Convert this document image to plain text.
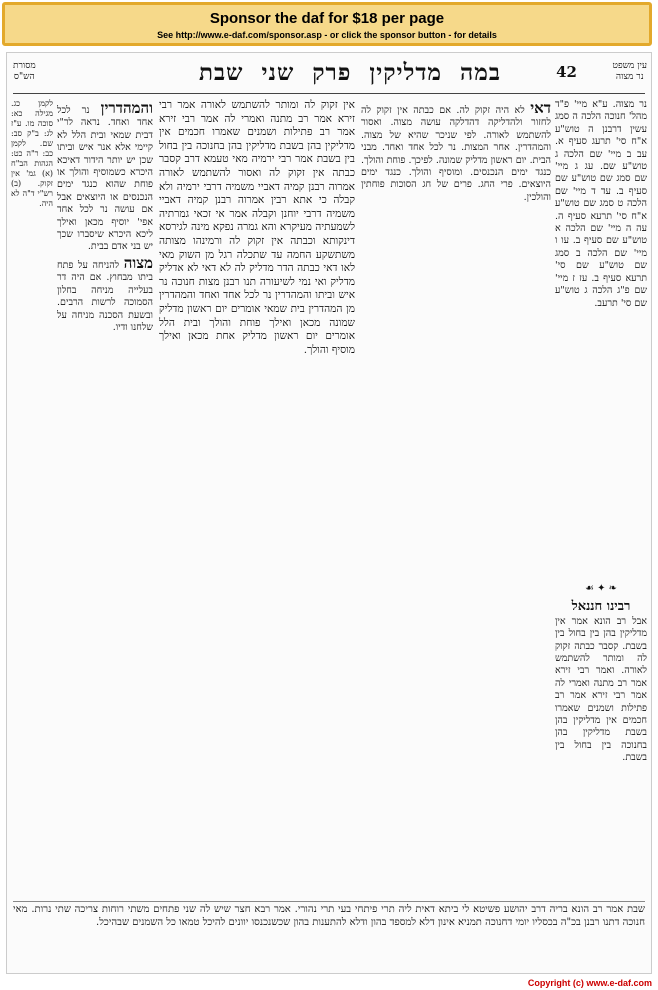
Sponsor the daf for $18 per page
See http://www.e-daf.com/sponsor.asp - or click the sponsor button - for details
מסורת
הש"ס	במהמדליקיןפרקשנישבת	42	עין משפט
נר מצוה
נר מצוה. ע"א מיי' פ"ד מהל' חנוכה הלכה ה סמג עשין דרבנן ה טוש"ע א"ח סי' תרעג סעיף א. עב ב מיי' שם הלכה ג טוש"ע שם. עג ג מיי' שם סמג שם טוש"ע שם סעיף ב. עד ד מיי' שם הלכה ט סמג שם טוש"ע א"ח סי' תרעא סעיף ה. עה ה מיי' שם הלכה א טוש"ע שם סעיף ב. עו ו מיי' שם הלכה ב סמג שם טוש"ע שם סי' תרעא סעיף ב. עז ז מיי' שם פ"ג הלכה ג טוש"ע שם סי' תרעב.
❧ ✦ ☙
רבינו חננאל
אבל רב הונא אמר אין מדליקין בהן בין בחול בין בשבת. קסבר כבתה זקוק לה ומותר להשתמש לאורה. ואמר רבי זירא אמר רב מתנה ואמרי לה אמר רבי זירא אמר רב פתילות ושמנים שאמרו חכמים אין מדליקין בהן בשבת מדליקין בהן בחנוכה בין בחול בין בשבת.
דאי לא היה זקוק לה. אם כבתה אין זקוק לה לחזור ולהדליקה דהדלקה עושה מצוה. ואסור להשתמש לאורה. לפי שניכר שהיא של מצוה. והמהדרין. אחר המצות. נר לכל אחד ואחד. מבני הבית. יום ראשון מדליק שמונה. לפיכך. פוחת והולך. כנגד ימים הנכנסים. ומוסיף והולך. כנגד ימים היוצאים. פרי החג. פרים של חג הסוכות פוחתין והולכין.
אין זקוק לה ומותר להשתמש לאורה אמר רבי זירא אמר רב מתנה ואמרי לה אמר רבי זירא אמר רב פתילות ושמנים שאמרו חכמים אין מדליקין בהן בשבת מדליקין בהן בחנוכה בין בחול בין בשבת אמר רבי ירמיה מאי טעמא דרב קסבר כבתה אין זקוק לה ואסור להשתמש לאורה אמרוה רבנן קמיה דאביי משמיה דרבי ירמיה ולא קבלה כי אתא רבין אמרוה רבנן קמיה דאביי משמיה דרבי יוחנן וקבלה אמר אי זכאי גמרתיה לשמעתיה מעיקרא והא גמרה נפקא מינה לגירסא דינקותא וכבתה אין זקוק לה ורמינהו מצותה משתשקע החמה עד שתכלה רגל מן השוק מאי לאו דאי כבתה הדר מדליק לה לא דאי לא אדליק מדליק ואי נמי לשיעורה תנו רבנן מצות חנוכה נר איש וביתו והמהדרין נר לכל אחד ואחד והמהדרין מן המהדרין בית שמאי אומרים יום ראשון מדליק שמונה מכאן ואילך פוחת והולך ובית הלל אומרים יום ראשון מדליק אחת מכאן ואילך מוסיף והולך.
והמהדרין נר לכל אחד ואחד. נראה לר"י דבית שמאי ובית הלל לא קיימי אלא אנר איש וביתו שכן יש יותר הידור דאיכא היכרא כשמוסיף והולך או פוחת שהוא כנגד ימים הנכנסים או היוצאים אבל אם עושה נר לכל אחד אפי' יוסיף מכאן ואילך ליכא היכרא שיסברו שכך יש בני אדם בבית.
מצוה להניחה על פתח ביתו מבחוץ. אם היה דר בעלייה מניחה בחלון הסמוכה לרשות הרבים. ובשעת הסכנה מניחה על שלחנו ודיו.
לקמן כג. מגילה כא: סוכה מו. ע"ז לג: ב"ק סב: שם. לקמן כב: ר"ה כט: הגהות הב"ח (א) גמ' אין זקוק. (ב) רש"י ד"ה לא היה.
שבת אמר רב הונא בריה דרב יהושע פשיטא לי ביתא דאית ליה תרי פיתחי בעי תרי נהורי. אמר רבא חצר שיש לה שני פתחים משתי רוחות צריכה שתי נרות. מאי חנוכה דתנו רבנן בכ"ה בכסליו יומי דחנוכה תמניא אינון דלא למספד בהון ודלא להתענות בהון שכשנכנסו יוונים להיכל טמאו כל השמנים שבהיכל.
Copyright (c) www.e-daf.com
